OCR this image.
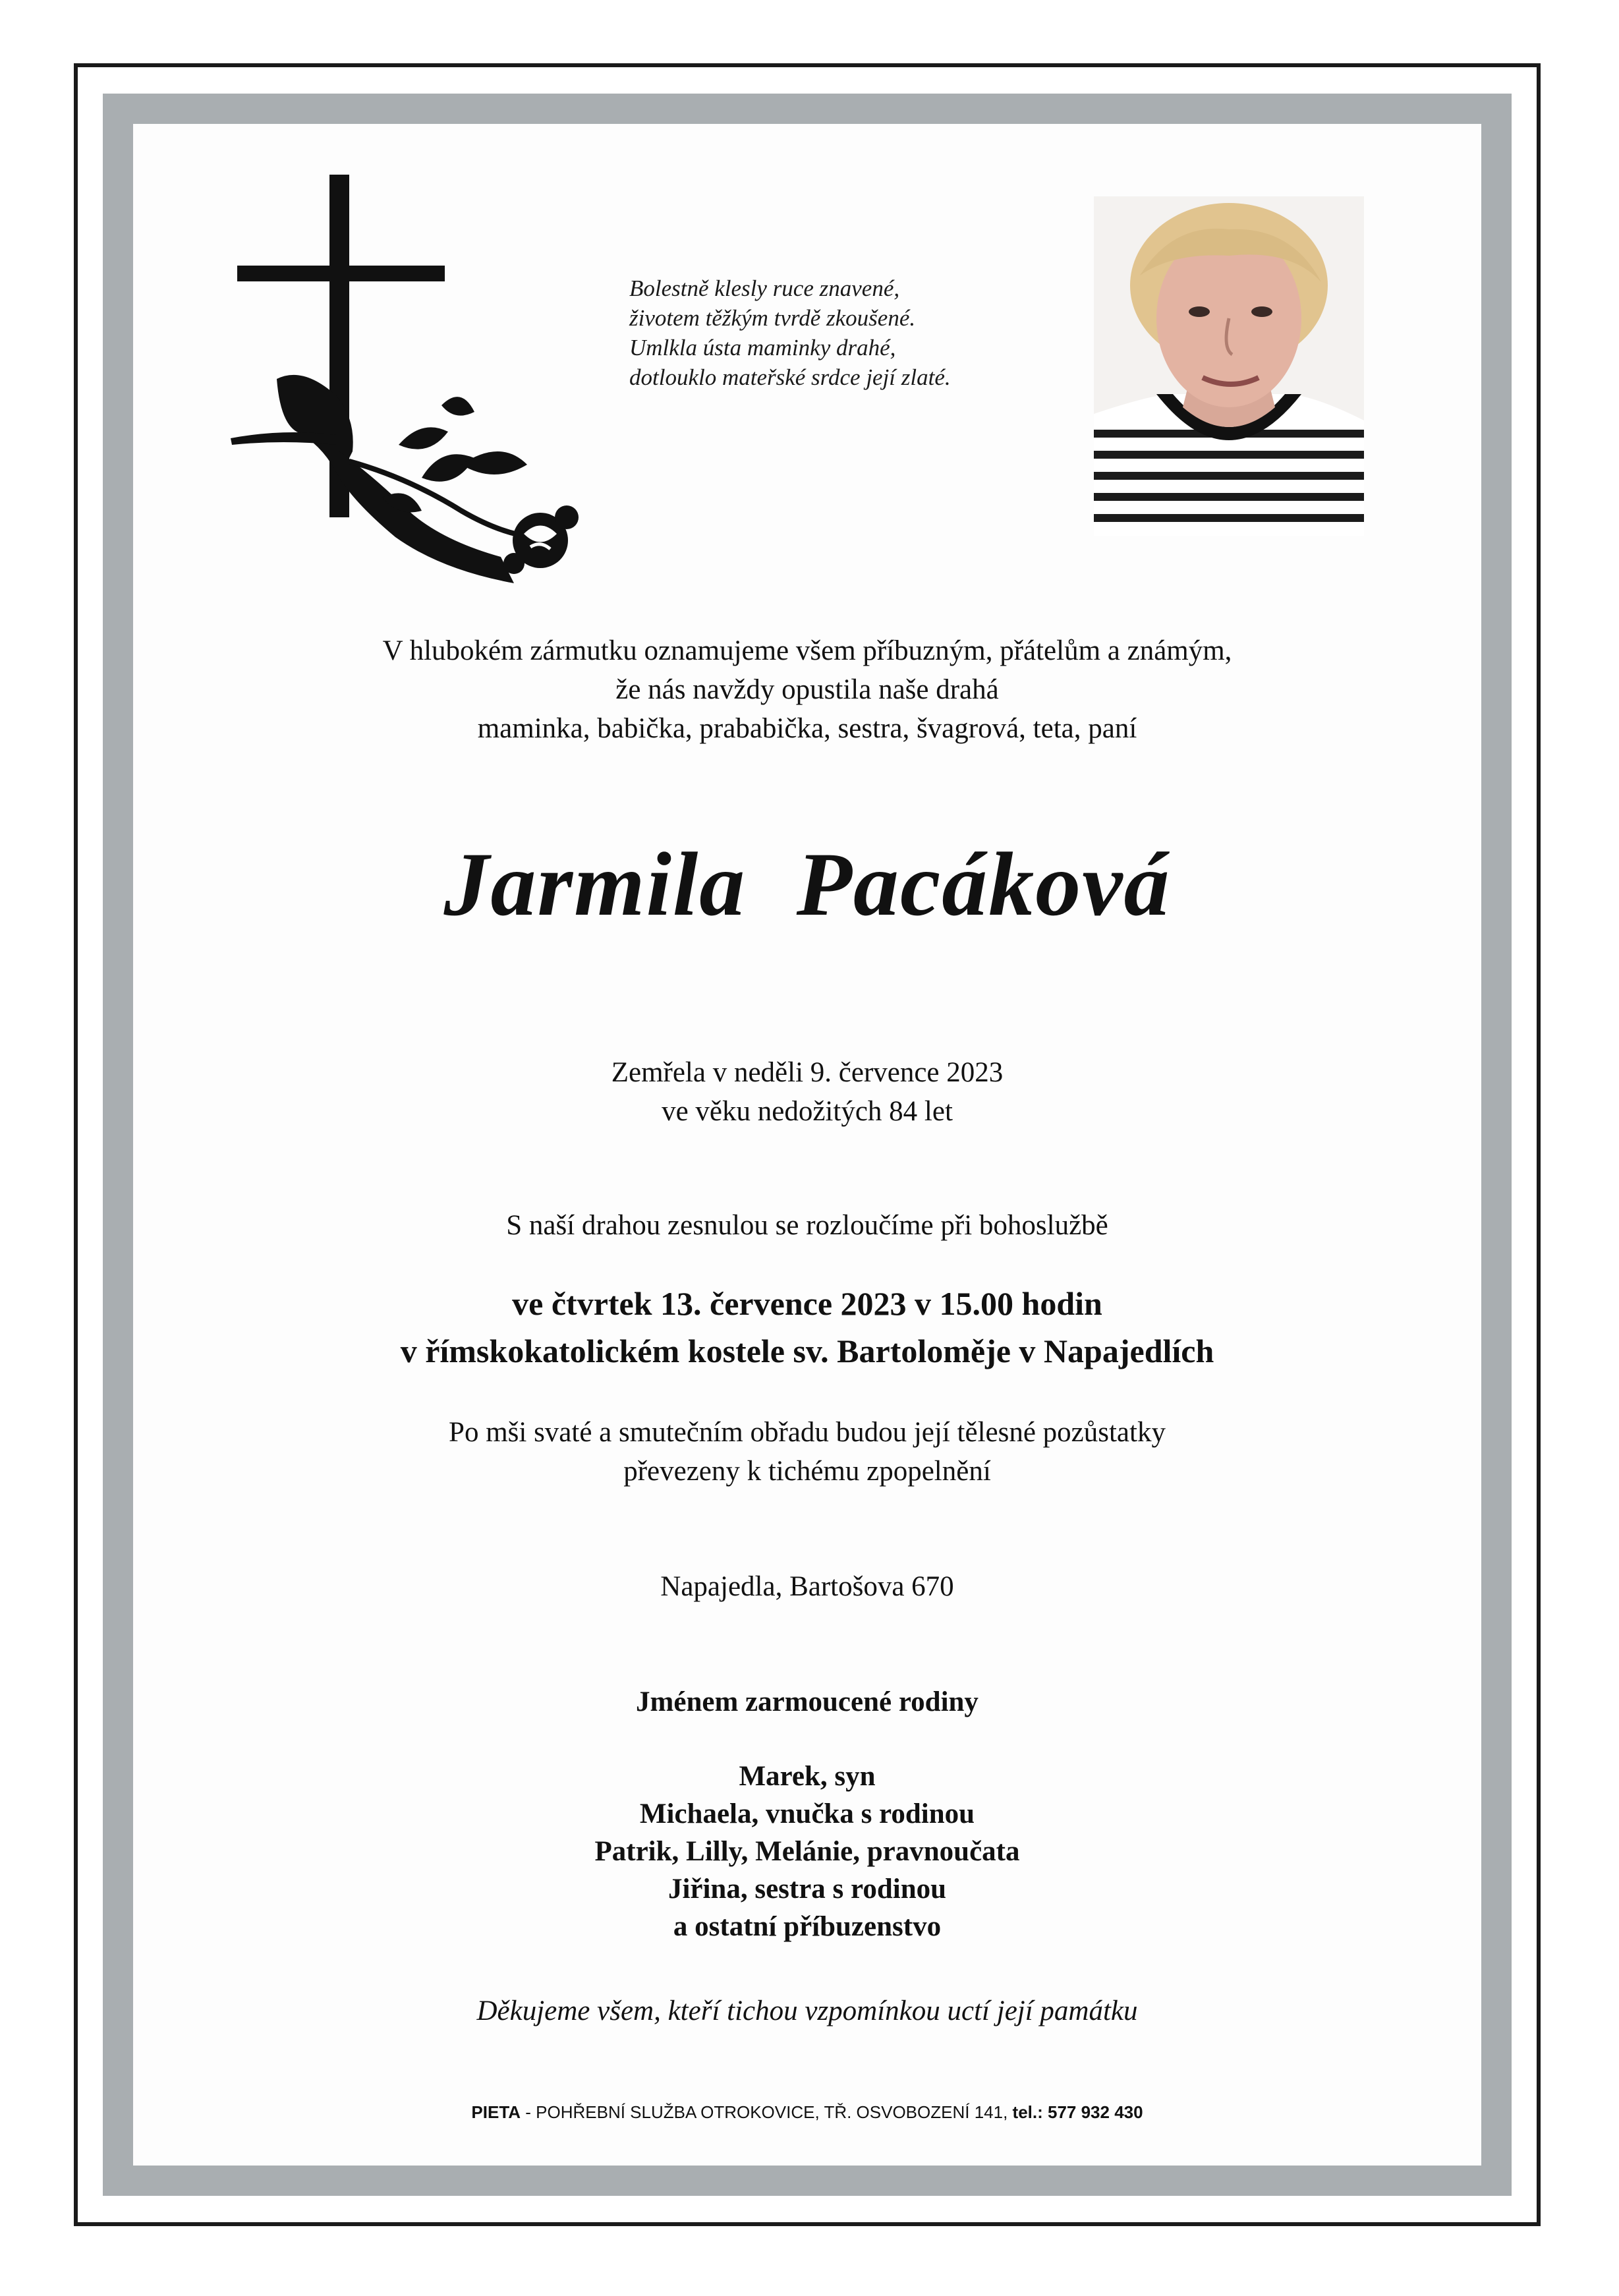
Bolestně klesly ruce znavené,
životem těžkým tvrdě zkoušené.
Umlkla ústa maminky drahé,
dotlouklo mateřské srdce její zlaté.
V hlubokém zármutku oznamujeme všem příbuzným, přátelům a známým,
že nás navždy opustila naše drahá
maminka, babička, prababička, sestra, švagrová, teta, paní
Jarmila Pacáková
Zemřela v neděli 9. července 2023
ve věku nedožitých 84 let
S naší drahou zesnulou se rozloučíme při bohoslužbě
ve čtvrtek 13. července 2023 v 15.00 hodin
v římskokatolickém kostele sv. Bartoloměje v Napajedlích
Po mši svaté a smutečním obřadu budou její tělesné pozůstatky
převezeny k tichému zpopelnění
Napajedla, Bartošova 670
Jménem zarmoucené rodiny
Marek, syn
Michaela, vnučka s rodinou
Patrik, Lilly, Melánie, pravnoučata
Jiřina, sestra s rodinou
a ostatní příbuzenstvo
Děkujeme všem, kteří tichou vzpomínkou uctí její památku
PIETA - POHŘEBNÍ SLUŽBA OTROKOVICE, TŘ. OSVOBOZENÍ 141, tel.: 577 932 430
